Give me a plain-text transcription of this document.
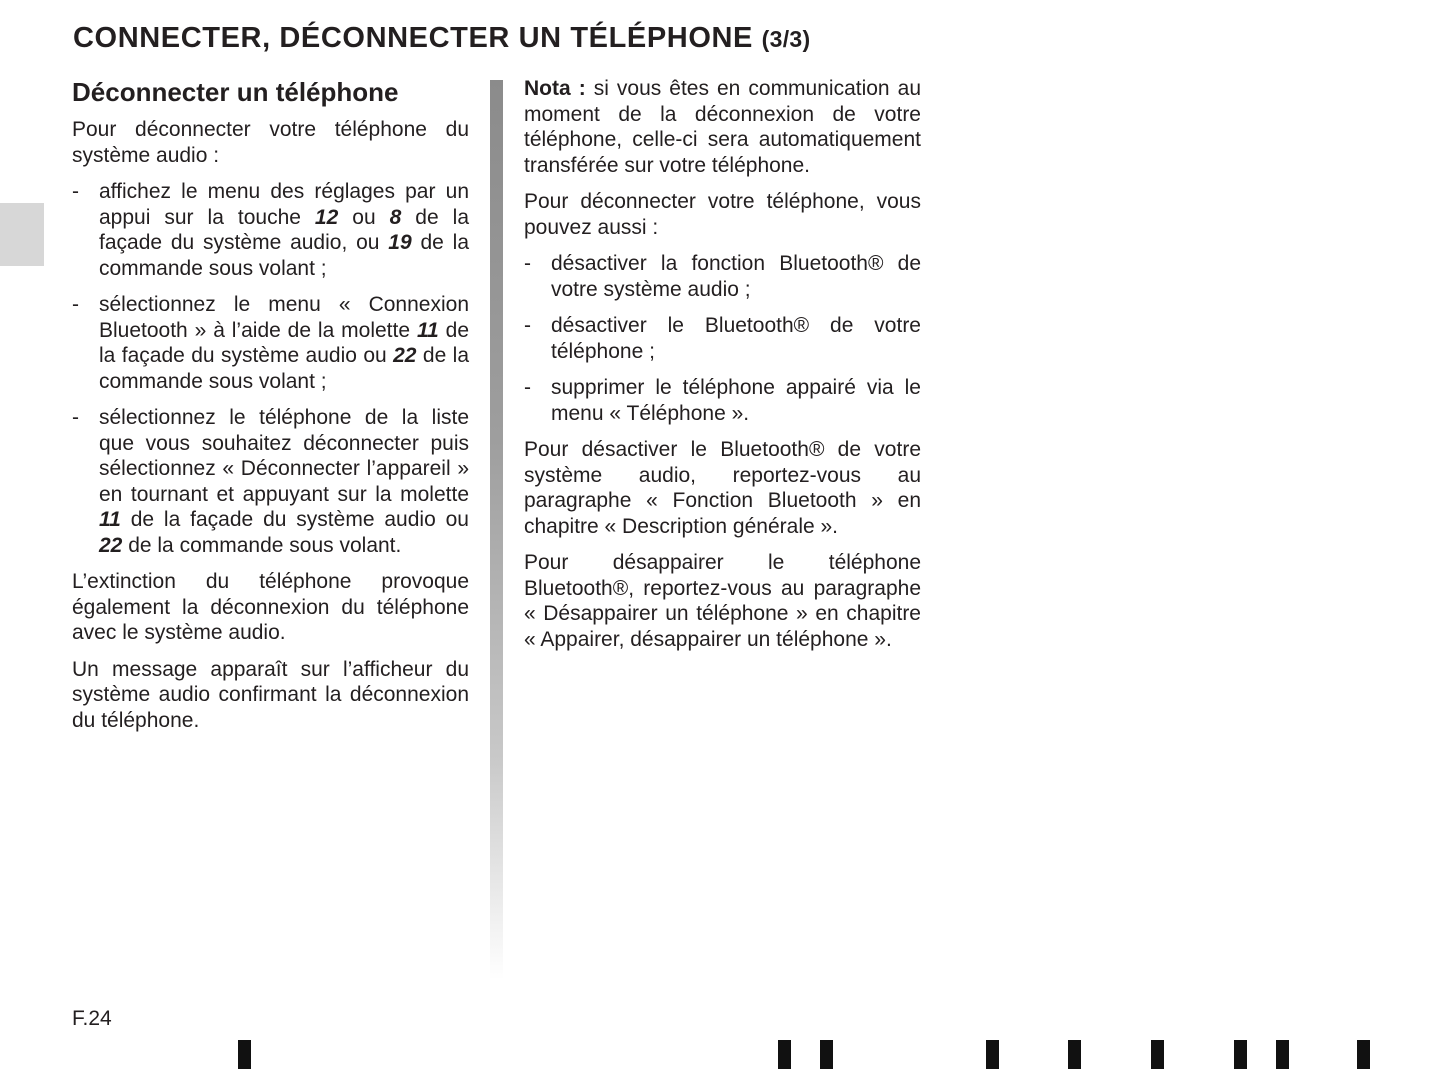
CONNECTER, DÉCONNECTER UN TÉLÉPHONE (3/3)
Déconnecter un téléphone

Pour déconnecter votre téléphone du système audio :

- affichez le menu des réglages par un appui sur la touche 12 ou 8 de la façade du système audio, ou 19 de la commande sous volant ;
- sélectionnez le menu « Connexion Bluetooth » à l’aide de la molette 11 de la façade du système audio ou 22 de la commande sous volant ;
- sélectionnez le téléphone de la liste que vous souhaitez déconnecter puis sélectionnez « Déconnecter l’appareil » en tournant et appuyant sur la molette 11 de la façade du système audio ou 22 de la commande sous volant.

L’extinction du téléphone provoque également la déconnexion du téléphone avec le système audio.

Un message apparaît sur l’afficheur du système audio confirmant la déconnexion du téléphone.

Nota : si vous êtes en communication au moment de la déconnexion de votre téléphone, celle-ci sera automatiquement transférée sur votre téléphone.

Pour déconnecter votre téléphone, vous pouvez aussi :

- désactiver la fonction Bluetooth® de votre système audio ;
- désactiver le Bluetooth® de votre téléphone ;
- supprimer le téléphone appairé via le menu « Téléphone ».

Pour désactiver le Bluetooth® de votre système audio, reportez-vous au paragraphe « Fonction Bluetooth » en chapitre « Description générale ».

Pour désappairer le téléphone Bluetooth®, reportez-vous au paragraphe « Désappairer un téléphone » en chapitre « Appairer, désappairer un téléphone ».

F.24
